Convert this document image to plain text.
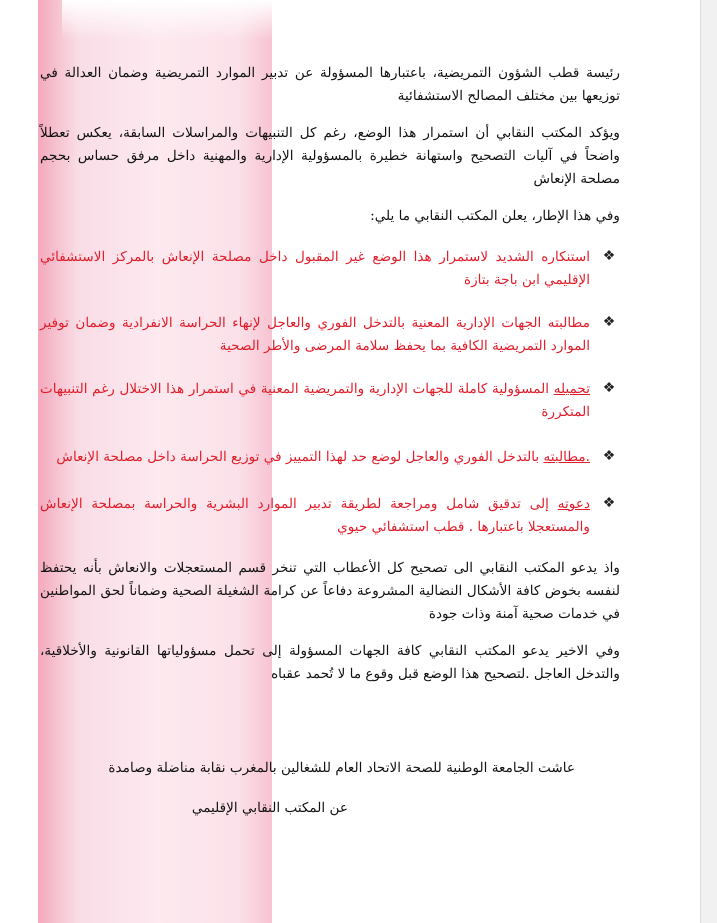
رئيسة قطب الشؤون التمريضية، باعتبارها المسؤولة عن تدبير الموارد التمريضية وضمان العدالة في توزيعها بين مختلف المصالح الاستشفائية

ويؤكد المكتب النقابي أن استمرار هذا الوضع، رغم كل التنبيهات والمراسلات السابقة، يعكس تعطلاً واضحاً في آليات التصحيح واستهانة خطيرة بالمسؤولية الإدارية والمهنية داخل مرفق حساس بحجم مصلحة الإنعاش

وفي هذا الإطار، يعلن المكتب النقابي ما يلي:

❖
استنكاره الشديد لاستمرار هذا الوضع غير المقبول داخل مصلحة الإنعاش بالمركز الاستشفائي الإقليمي ابن باجة بتازة
❖
مطالبته الجهات الإدارية المعنية بالتدخل الفوري والعاجل لإنهاء الحراسة الانفرادية وضمان توفير الموارد التمريضية الكافية بما يحفظ سلامة المرضى والأطر الصحية
❖
تحميله المسؤولية كاملة للجهات الإدارية والتمريضية المعنية في استمرار هذا الاختلال رغم التنبيهات المتكررة
❖
.مطالبته بالتدخل الفوري والعاجل لوضع حد لهذا التمييز في توزيع الحراسة داخل مصلحة الإنعاش
❖
دعوته إلى تدقيق شامل ومراجعة لطريقة تدبير الموارد البشرية والحراسة بمصلحة الإنعاش والمستعجلا باعتبارها . قطب استشفائي حيوي

واذ يدعو المكتب النقابي الى تصحيح كل الأعطاب التي تنخر قسم المستعجلات والانعاش بأنه يحتفظ لنفسه بخوض كافة الأشكال النضالية المشروعة دفاعاً عن كرامة الشغيلة الصحية وضماناً لحق المواطنين في خدمات صحية آمنة وذات جودة

وفي الاخير يدعو المكتب النقابي كافة الجهات المسؤولة إلى تحمل مسؤولياتها القانونية والأخلاقية، والتدخل العاجل .لتصحيح هذا الوضع قبل وقوع ما لا تُحمد عقباه

عاشت الجامعة الوطنية للصحة الاتحاد العام للشغالين بالمغرب نقابة مناضلة وصامدة
عن المكتب النقابي الإقليمي
